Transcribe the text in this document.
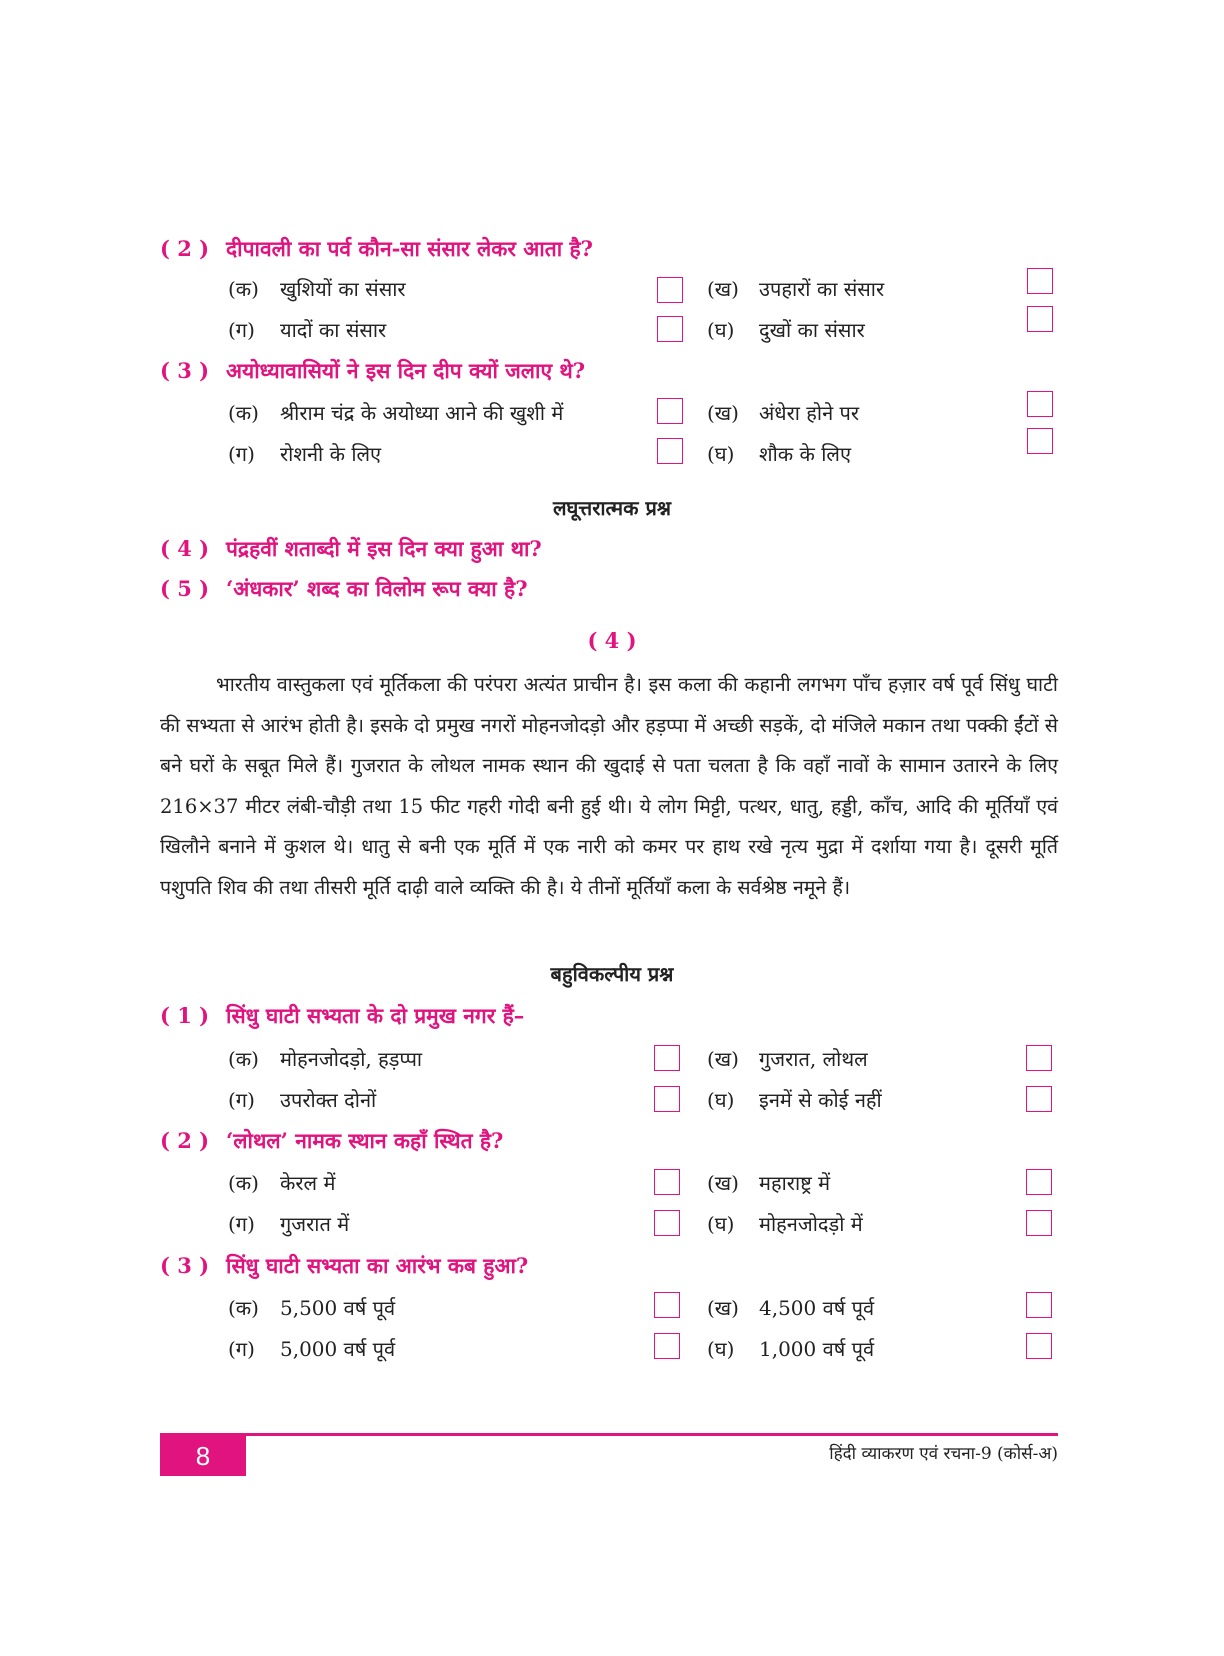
( 2 ) दीपावली का पर्व कौन-सा संसार लेकर आता है?
(क) खुशियों का संसार	(ख) उपहारों का संसार
(ग) यादों का संसार	(घ) दुखों का संसार
( 3 ) अयोध्यावासियों ने इस दिन दीप क्यों जलाए थे?
(क) श्रीराम चंद्र के अयोध्या आने की खुशी में	(ख) अंधेरा होने पर
(ग) रोशनी के लिए	(घ) शौक के लिए
लघूत्तरात्मक प्रश्न
( 4 ) पंद्रहवीं शताब्दी में इस दिन क्या हुआ था?
( 5 ) ‘अंधकार’ शब्द का विलोम रूप क्या है?
( 4 )

भारतीय वास्तुकला एवं मूर्तिकला की परंपरा अत्यंत प्राचीन है। इस कला की कहानी लगभग पाँच हज़ार वर्ष पूर्व सिंधु घाटी की सभ्यता से आरंभ होती है। इसके दो प्रमुख नगरों मोहनजोदड़ो और हड़प्पा में अच्छी सड़कें, दो मंजिले मकान तथा पक्की ईंटों से बने घरों के सबूत मिले हैं। गुजरात के लोथल नामक स्थान की खुदाई से पता चलता है कि वहाँ नावों के सामान उतारने के लिए 216×37 मीटर लंबी-चौड़ी तथा 15 फीट गहरी गोदी बनी हुई थी। ये लोग मिट्टी, पत्थर, धातु, हड्डी, काँच, आदि की मूर्तियाँ एवं खिलौने बनाने में कुशल थे। धातु से बनी एक मूर्ति में एक नारी को कमर पर हाथ रखे नृत्य मुद्रा में दर्शाया गया है। दूसरी मूर्ति पशुपति शिव की तथा तीसरी मूर्ति दाढ़ी वाले व्यक्ति की है। ये तीनों मूर्तियाँ कला के सर्वश्रेष्ठ नमूने हैं।

बहुविकल्पीय प्रश्न
( 1 ) सिंधु घाटी सभ्यता के दो प्रमुख नगर हैं–
(क) मोहनजोदड़ो, हड़प्पा	(ख) गुजरात, लोथल
(ग) उपरोक्त दोनों	(घ) इनमें से कोई नहीं
( 2 ) ‘लोथल’ नामक स्थान कहाँ स्थित है?
(क) केरल में	(ख) महाराष्ट्र में
(ग) गुजरात में	(घ) मोहनजोदड़ो में
( 3 ) सिंधु घाटी सभ्यता का आरंभ कब हुआ?
(क) 5,500 वर्ष पूर्व	(ख) 4,500 वर्ष पूर्व
(ग) 5,000 वर्ष पूर्व	(घ) 1,000 वर्ष पूर्व
8	हिंदी व्याकरण एवं रचना-9 (कोर्स-अ)
